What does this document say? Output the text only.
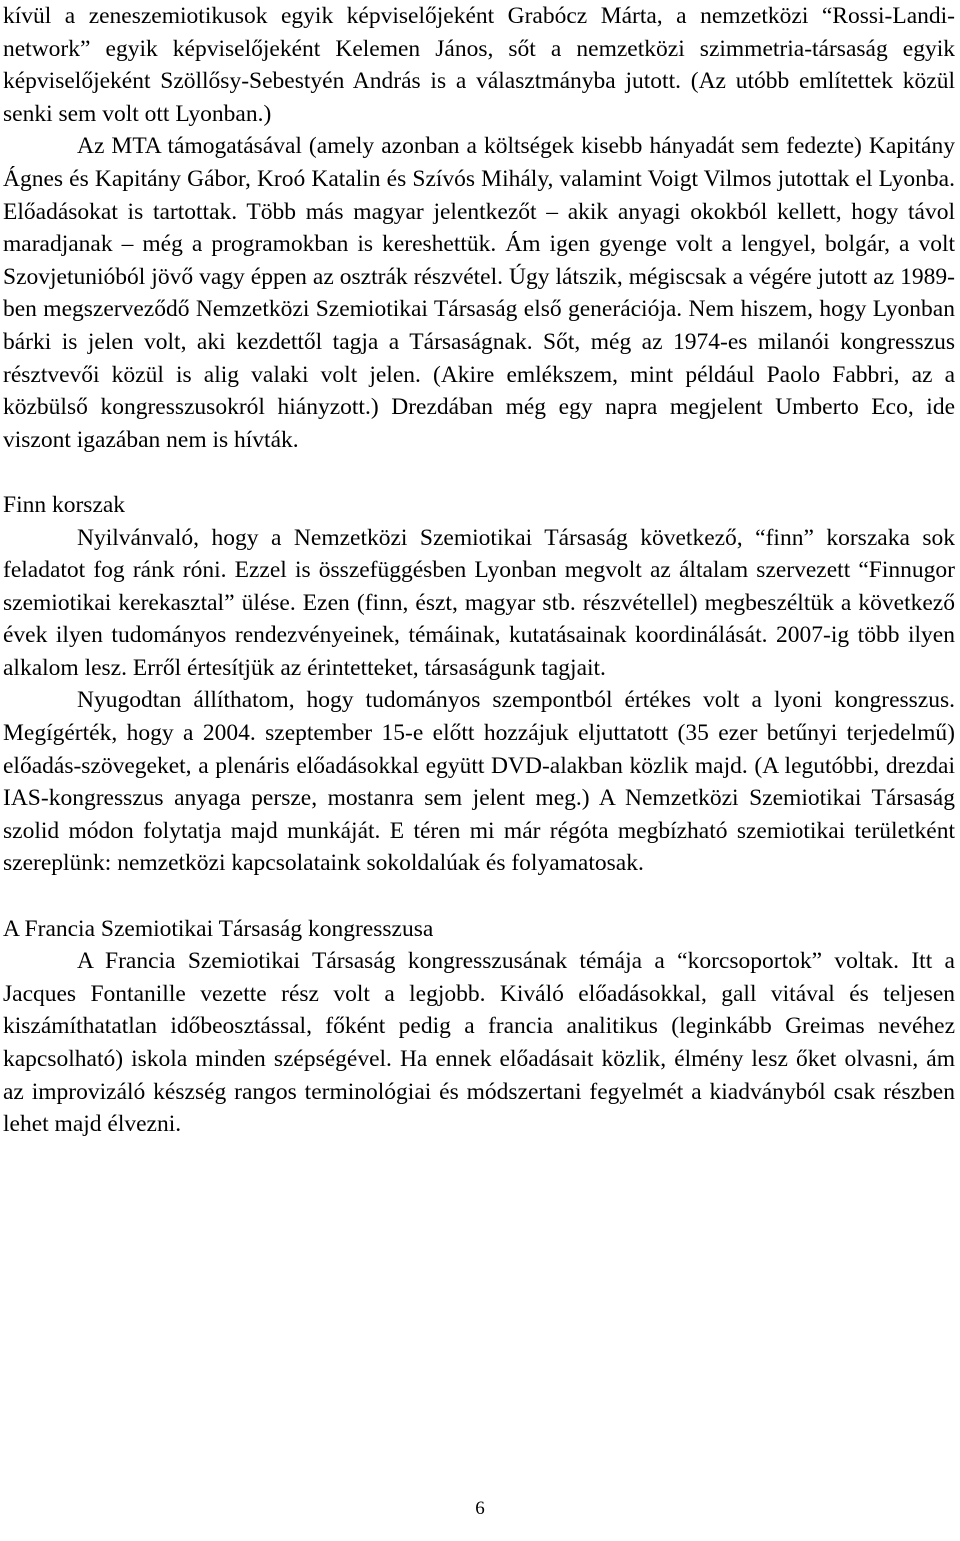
kívül a zeneszemiotikusok egyik képviselőjeként Grabócz Márta, a nemzetközi “Rossi-Landi-network” egyik képviselőjeként Kelemen János, sőt a nemzetközi szimmetria-társaság egyik képviselőjeként Szöllősy-Sebestyén András is a választmányba jutott. (Az utóbb említettek közül senki sem volt ott Lyonban.)

Az MTA támogatásával (amely azonban a költségek kisebb hányadát sem fedezte) Kapitány Ágnes és Kapitány Gábor, Kroó Katalin és Szívós Mihály, valamint Voigt Vilmos jutottak el Lyonba. Előadásokat is tartottak. Több más magyar jelentkezőt – akik anyagi okokból kellett, hogy távol maradjanak – még a programokban is kereshettük. Ám igen gyenge volt a lengyel, bolgár, a volt Szovjetunióból jövő vagy éppen az osztrák részvétel. Úgy látszik, mégiscsak a végére jutott az 1989-ben megszerveződő Nemzetközi Szemiotikai Társaság első generációja. Nem hiszem, hogy Lyonban bárki is jelen volt, aki kezdettől tagja a Társaságnak. Sőt, még az 1974-es milanói kongresszus résztvevői közül is alig valaki volt jelen. (Akire emlékszem, mint például Paolo Fabbri, az a közbülső kongresszusokról hiányzott.) Drezdában még egy napra megjelent Umberto Eco, ide viszont igazában nem is hívták.

Finn korszak

Nyilvánvaló, hogy a Nemzetközi Szemiotikai Társaság következő, “finn” korszaka sok feladatot fog ránk róni. Ezzel is összefüggésben Lyonban megvolt az általam szervezett “Finnugor szemiotikai kerekasztal” ülése. Ezen (finn, észt, magyar stb. részvétellel) megbeszéltük a következő évek ilyen tudományos rendezvényeinek, témáinak, kutatásainak koordinálását. 2007-ig több ilyen alkalom lesz. Erről értesítjük az érintetteket, társaságunk tagjait.

Nyugodtan állíthatom, hogy tudományos szempontból értékes volt a lyoni kongresszus. Megígérték, hogy a 2004. szeptember 15-e előtt hozzájuk eljuttatott (35 ezer betűnyi terjedelmű) előadás-szövegeket, a plenáris előadásokkal együtt DVD-alakban közlik majd. (A legutóbbi, drezdai IAS-kongresszus anyaga persze, mostanra sem jelent meg.) A Nemzetközi Szemiotikai Társaság szolid módon folytatja majd munkáját. E téren mi már régóta megbízható szemiotikai területként szereplünk: nemzetközi kapcsolataink sokoldalúak és folyamatosak.

A Francia Szemiotikai Társaság kongresszusa

A Francia Szemiotikai Társaság kongresszusának témája a “korcsoportok” voltak. Itt a Jacques Fontanille vezette rész volt a legjobb. Kiváló előadásokkal, gall vitával és teljesen kiszámíthatatlan időbeosztással, főként pedig a francia analitikus (leginkább Greimas nevéhez kapcsolható) iskola minden szépségével. Ha ennek előadásait közlik, élmény lesz őket olvasni, ám az improvizáló készség rangos terminológiai és módszertani fegyelmét a kiadványból csak részben lehet majd élvezni.

6
